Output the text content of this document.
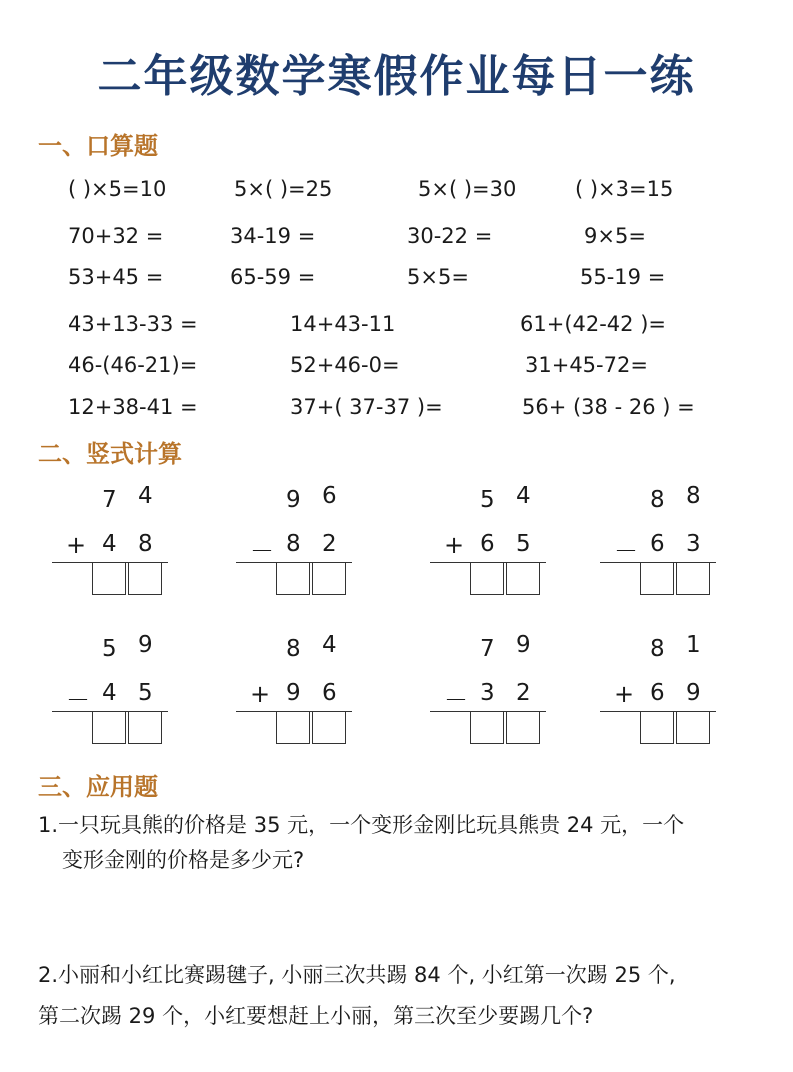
二年级数学寒假作业每日一练
一、口算题
( )×5=10	5×( )=25	5×( )=30	( )×3=15
70+32 =	34-19 =	30-22 =	9×5=
53+45 =	65-59 =	5×5=	55-19 =
43+13-33 =	14+43-11	61+(42-42 )=
46-(46-21)=	52+46-0=	31+45-72=
12+38-41 =	37+( 37-37 )=	56+ (38 - 26 ) =
二、竖式计算
7 4
+ 4 8
9 6
－ 8 2
5 4
+ 6 5
8 8
－ 6 3
5 9
－ 4 5
8 4
+ 9 6
7 9
－ 3 2
8 1
+ 6 9
三、应用题
1.一只玩具熊的价格是 35 元，一个变形金刚比玩具熊贵 24 元，一个
变形金刚的价格是多少元?
2.小丽和小红比赛踢毽子, 小丽三次共踢 84 个, 小红第一次踢 25 个,
第二次踢 29 个，小红要想赶上小丽，第三次至少要踢几个?
